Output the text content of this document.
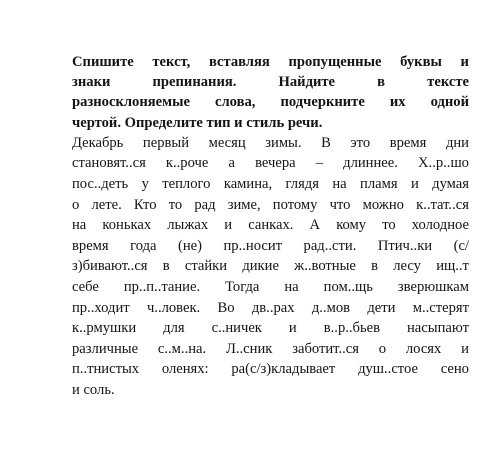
Спишите текст, вставляя пропущенные буквы и
знаки	препинания.	Найдите	в	тексте
разносклоняемые слова, подчеркните их одной
чертой. Определите тип и стиль речи.
Декабрь первый месяц зимы. В это время дни
становят..ся к..роче а вечера – длиннее. Х..р..шо
пос..деть у теплого камина, глядя на пламя и думая
о лете. Кто то рад зиме, потому что можно к..тат..ся
на коньках лыжах и санках. А кому то холодное
время года (не) пр..носит рад..сти. Птич..ки (с/
з)бивают..ся в стайки дикие ж..вотные в лесу ищ..т
себе пр..п..тание. Тогда на пом..щь зверюшкам
пр..ходит ч..ловек. Во дв..рах д..мов дети м..стерят
к..рмушки для с..ничек и в..р..бьев насыпают
различные с..м..на. Л..сник заботит..ся о лосях и
п..тнистых оленях: ра(с/з)кладывает душ..стое сено
и соль.
